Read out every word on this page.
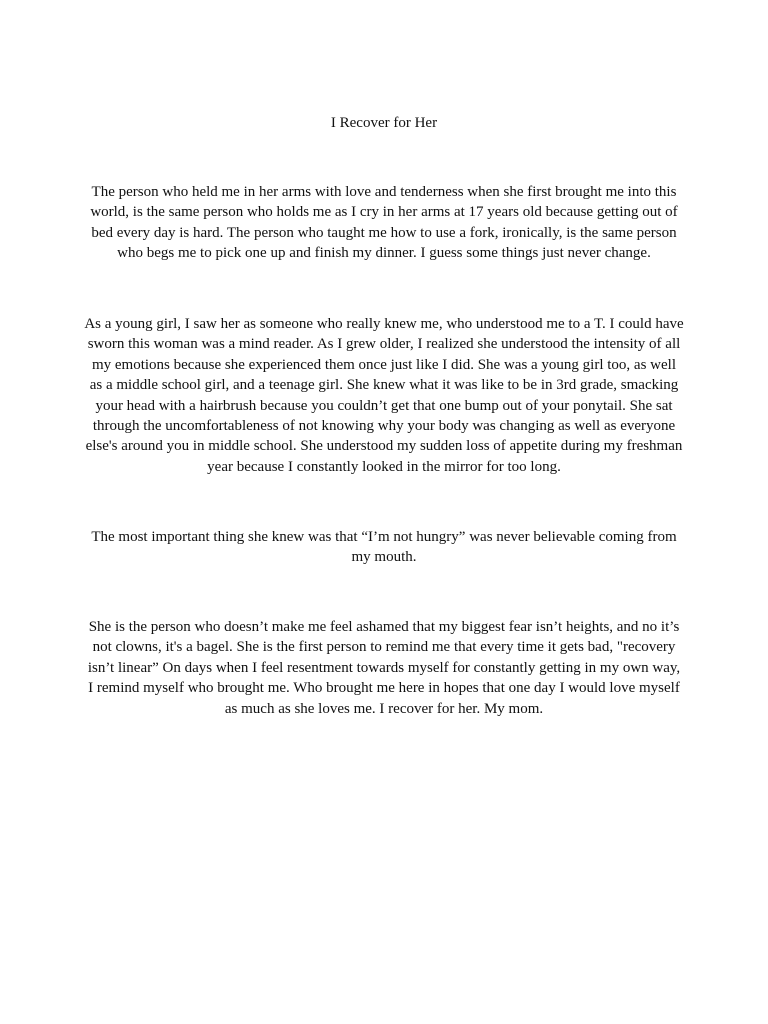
I Recover for Her

The person who held me in her arms with love and tenderness when she first brought me into this world, is the same person who holds me as I cry in her arms at 17 years old because getting out of bed every day is hard. The person who taught me how to use a fork, ironically, is the same person who begs me to pick one up and finish my dinner. I guess some things just never change.

As a young girl, I saw her as someone who really knew me, who understood me to a T. I could have sworn this woman was a mind reader. As I grew older, I realized she understood the intensity of all my emotions because she experienced them once just like I did. She was a young girl too, as well as a middle school girl, and a teenage girl. She knew what it was like to be in 3rd grade, smacking your head with a hairbrush because you couldn’t get that one bump out of your ponytail. She sat through the uncomfortableness of not knowing why your body was changing as well as everyone else's around you in middle school. She understood my sudden loss of appetite during my freshman year because I constantly looked in the mirror for too long.

The most important thing she knew was that “I’m not hungry” was never believable coming from my mouth.

She is the person who doesn’t make me feel ashamed that my biggest fear isn’t heights, and no it’s not clowns, it's a bagel. She is the first person to remind me that every time it gets bad, "recovery isn’t linear” On days when I feel resentment towards myself for constantly getting in my own way, I remind myself who brought me. Who brought me here in hopes that one day I would love myself as much as she loves me. I recover for her. My mom.
